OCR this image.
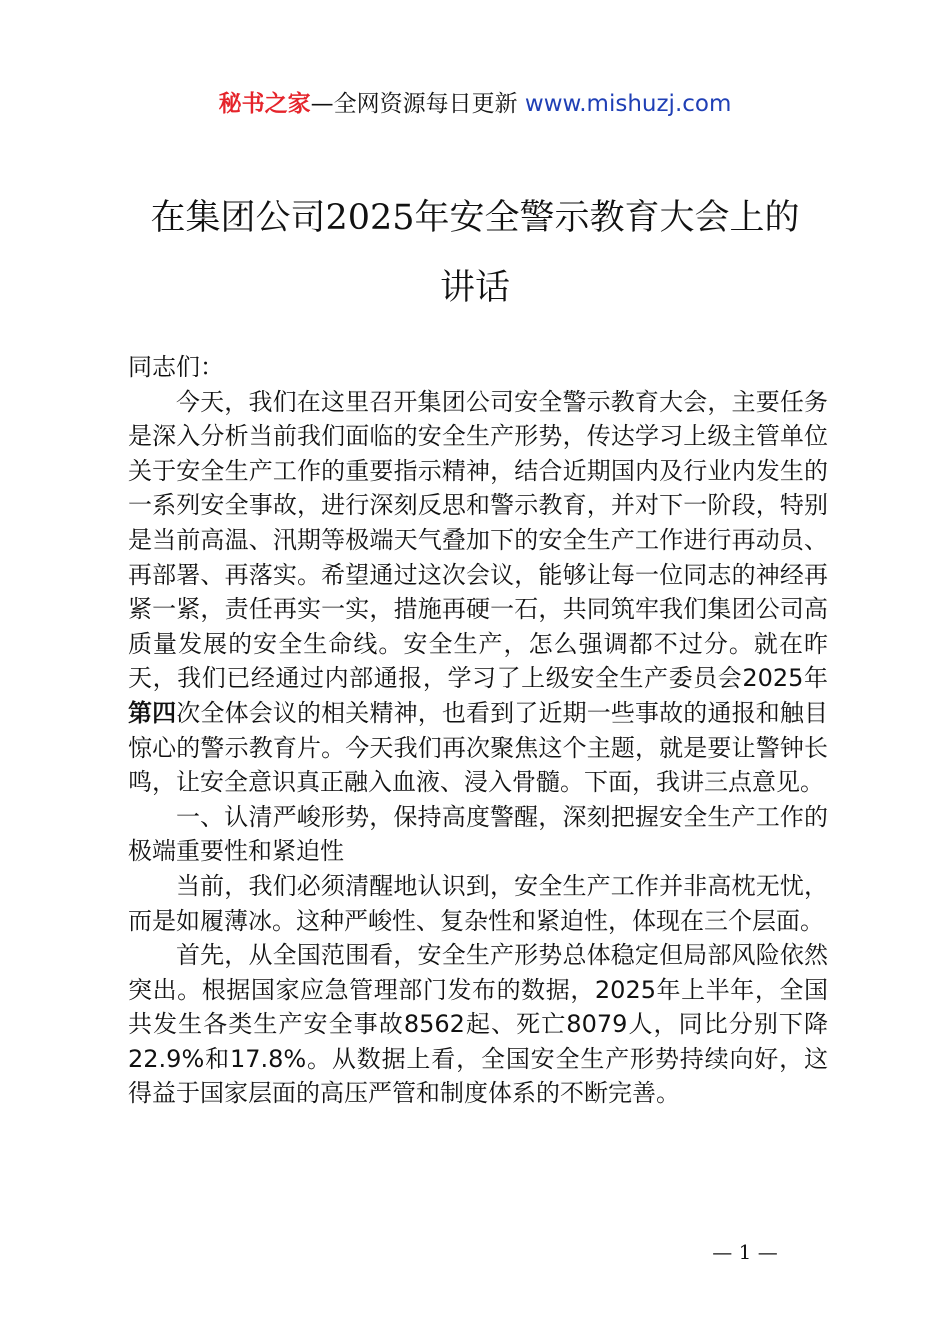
秘书之家—全网资源每日更新 www.mishuzj.com
在集团公司2025年安全警示教育大会上的
讲话

同志们：

今天，我们在这里召开集团公司安全警示教育大会，主要任务是深入分析当前我们面临的安全生产形势，传达学习上级主管单位关于安全生产工作的重要指示精神，结合近期国内及行业内发生的一系列安全事故，进行深刻反思和警示教育，并对下一阶段，特别是当前高温、汛期等极端天气叠加下的安全生产工作进行再动员、再部署、再落实。希望通过这次会议，能够让每一位同志的神经再紧一紧，责任再实一实，措施再硬一石，共同筑牢我们集团公司高质量发展的安全生命线。安全生产，怎么强调都不过分。就在昨天，我们已经通过内部通报，学习了上级安全生产委员会2025年第四次全体会议的相关精神，也看到了近期一些事故的通报和触目惊心的警示教育片。今天我们再次聚焦这个主题，就是要让警钟长鸣，让安全意识真正融入血液、浸入骨髓。下面，我讲三点意见。

一、认清严峻形势，保持高度警醒，深刻把握安全生产工作的极端重要性和紧迫性

当前，我们必须清醒地认识到，安全生产工作并非高枕无忧，而是如履薄冰。这种严峻性、复杂性和紧迫性，体现在三个层面。

首先，从全国范围看，安全生产形势总体稳定但局部风险依然突出。根据国家应急管理部门发布的数据，2025年上半年，全国共发生各类生产安全事故8562起、死亡8079人，同比分别下降22.9%和17.8%。从数据上看，全国安全生产形势持续向好，这得益于国家层面的高压严管和制度体系的不断完善。

— 1 —
